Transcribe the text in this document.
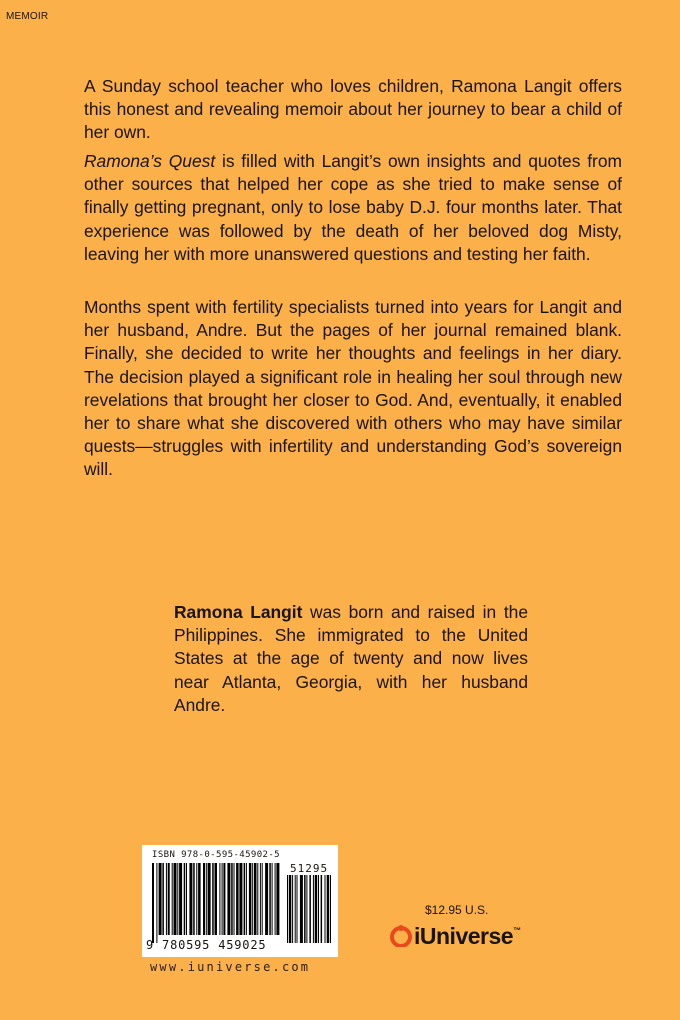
MEMOIR

A Sunday school teacher who loves children, Ramona Langit offers this honest and revealing memoir about her journey to bear a child of her own.

Ramona’s Quest is filled with Langit’s own insights and quotes from other sources that helped her cope as she tried to make sense of finally getting pregnant, only to lose baby D.J. four months later. That experience was followed by the death of her beloved dog Misty, leaving her with more unanswered questions and testing her faith.

Months spent with fertility specialists turned into years for Langit and her husband, Andre. But the pages of her journal remained blank. Finally, she decided to write her thoughts and feelings in her diary. The decision played a significant role in healing her soul through new revelations that brought her closer to God. And, eventually, it enabled her to share what she discovered with others who may have similar quests—struggles with infertility and understanding God’s sovereign will.

Ramona Langit was born and raised in the Philippines. She immigrated to the United States at the age of twenty and now lives near Atlanta, Georgia, with her husband Andre.

ISBN 978-0-595-45902-5
51295
9 780595 459025
www.iuniverse.com
$12.95 U.S.
iUniverse™
